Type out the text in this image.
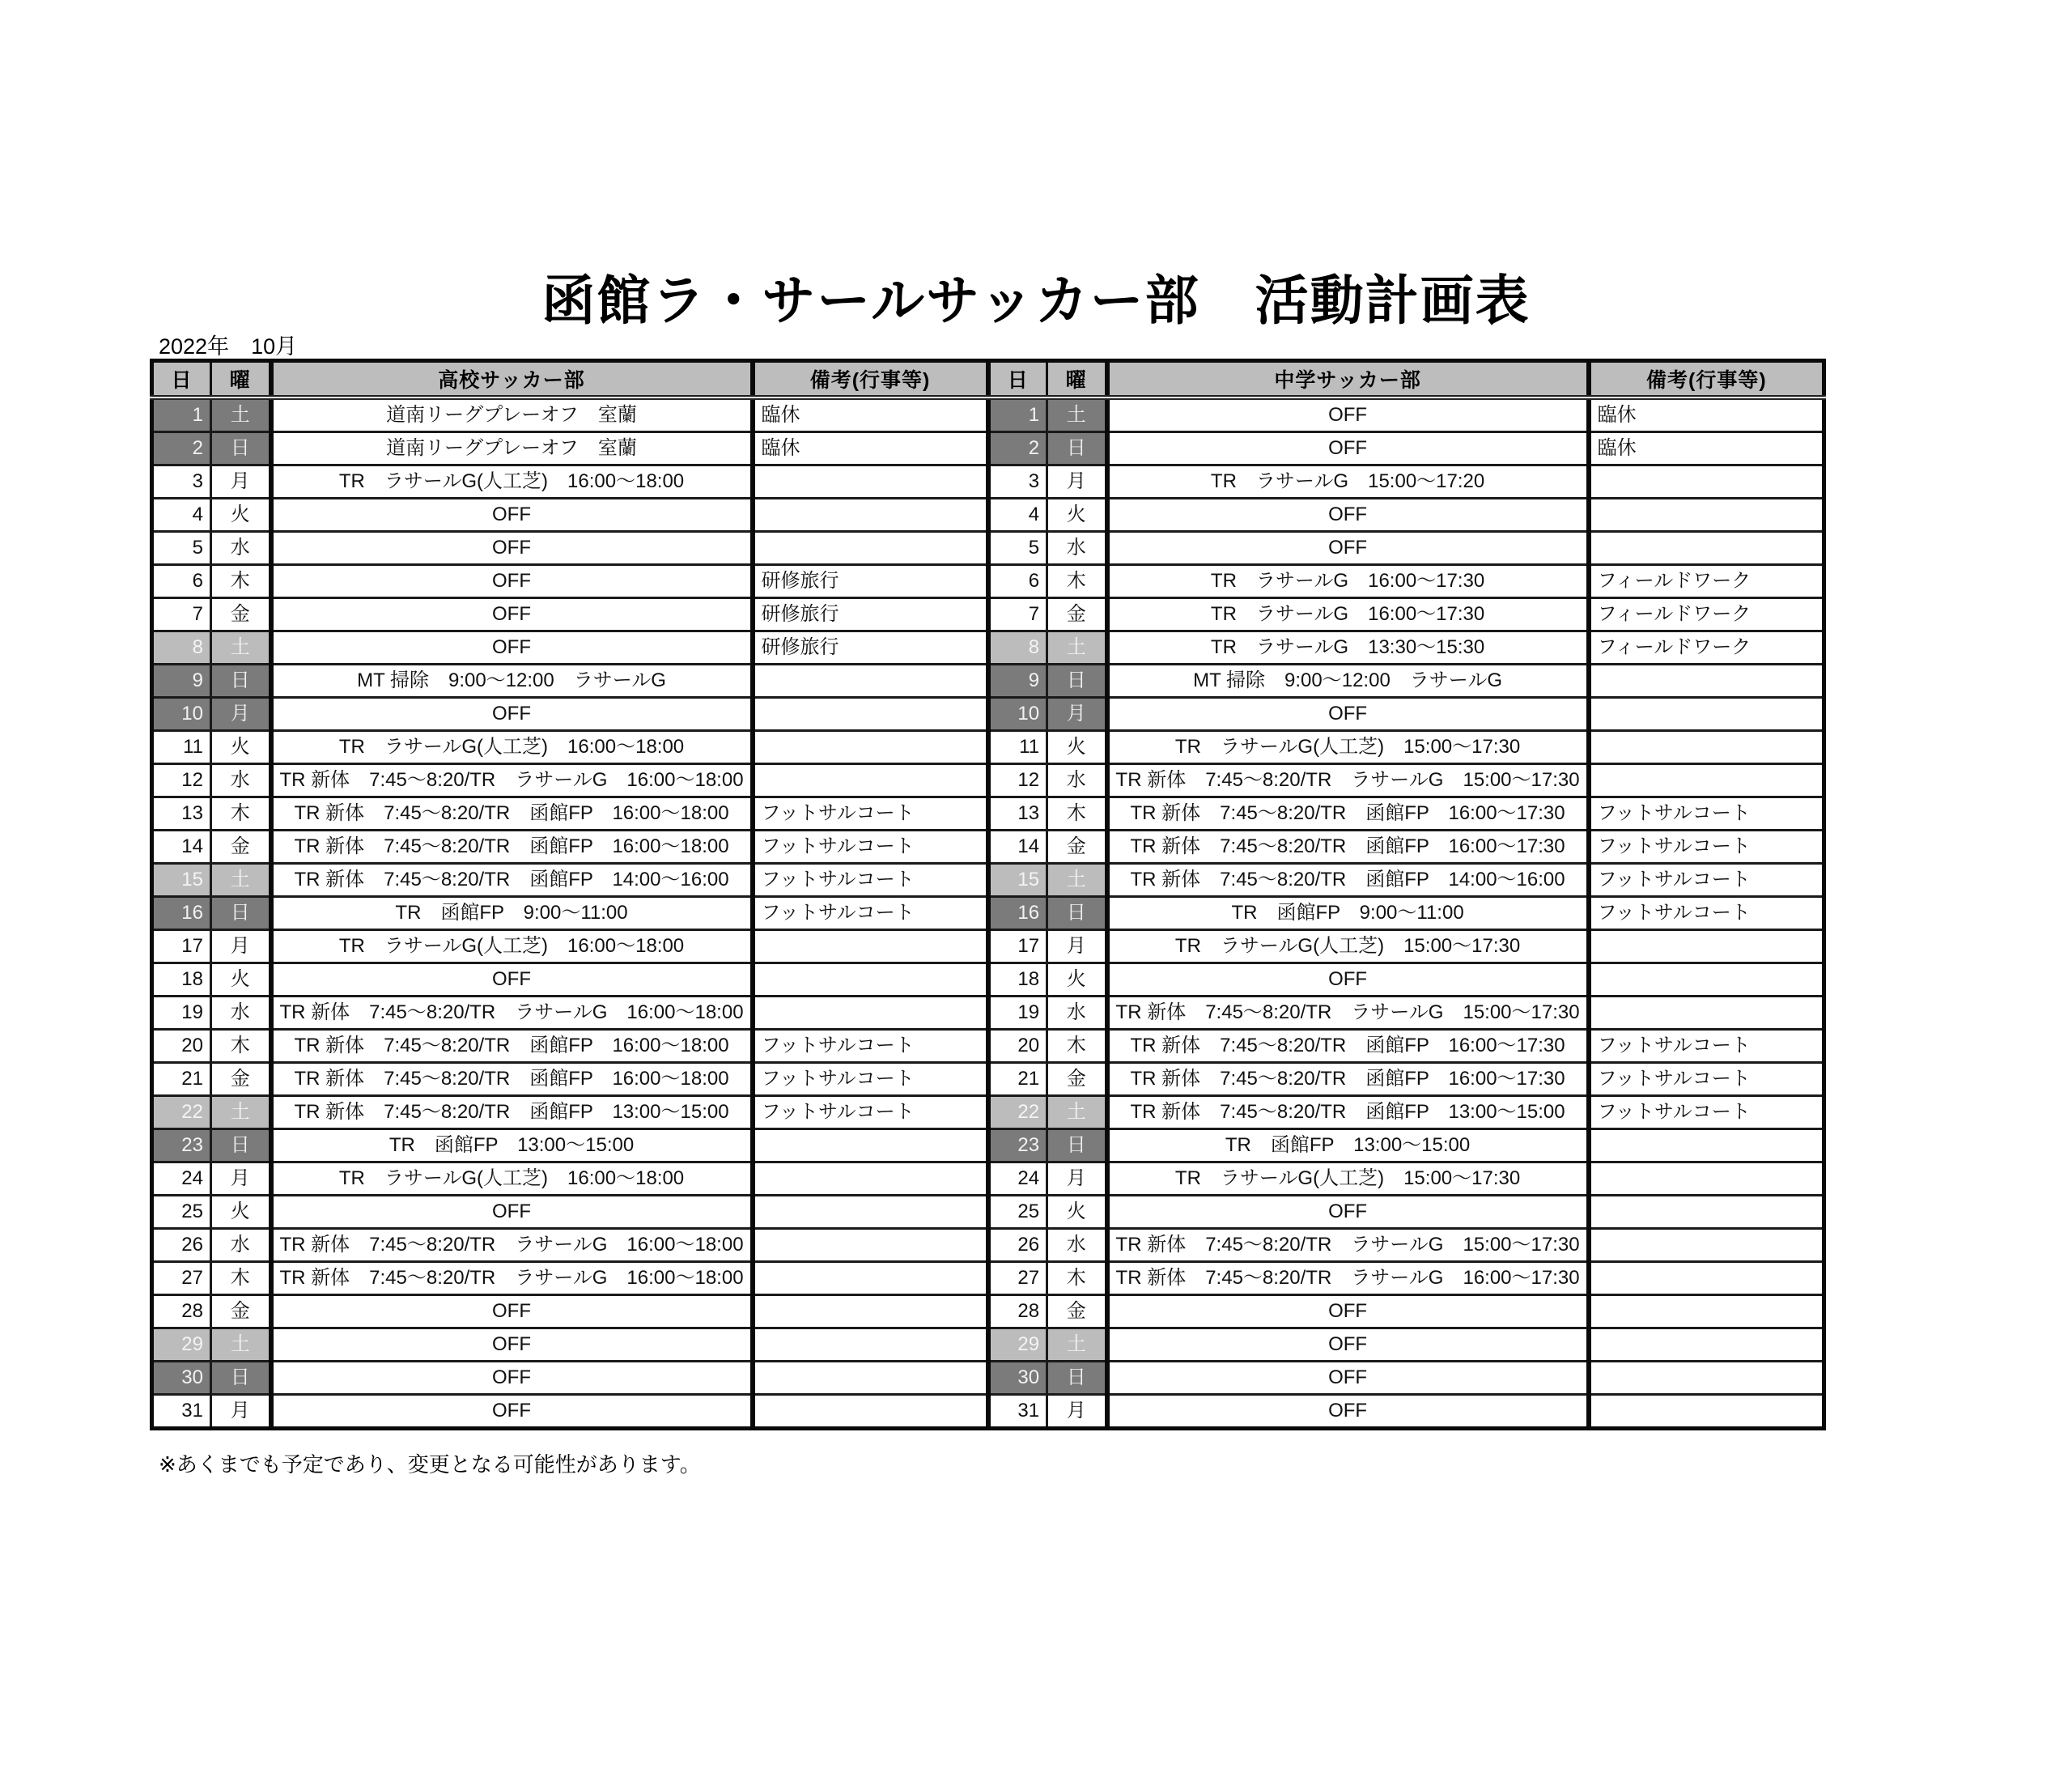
函館ラ・サールサッカー部　活動計画表
2022年　10月
日	曜	高校サッカー部	備考(行事等)	日	曜	中学サッカー部	備考(行事等)
1	土	道南リーグプレーオフ　室蘭	臨休	1	土	OFF	臨休
2	日	道南リーグプレーオフ　室蘭	臨休	2	日	OFF	臨休
3	月	TR　ラサールG(人工芝)　16:00～18:00		3	月	TR　ラサールG　15:00～17:20	
4	火	OFF		4	火	OFF	
5	水	OFF		5	水	OFF	
6	木	OFF	研修旅行	6	木	TR　ラサールG　16:00～17:30	フィールドワーク
7	金	OFF	研修旅行	7	金	TR　ラサールG　16:00～17:30	フィールドワーク
8	土	OFF	研修旅行	8	土	TR　ラサールG　13:30～15:30	フィールドワーク
9	日	MT 掃除　9:00～12:00　ラサールG		9	日	MT 掃除　9:00～12:00　ラサールG	
10	月	OFF		10	月	OFF	
11	火	TR　ラサールG(人工芝)　16:00～18:00		11	火	TR　ラサールG(人工芝)　15:00～17:30	
12	水	TR 新体　7:45～8:20/TR　ラサールG　16:00～18:00		12	水	TR 新体　7:45～8:20/TR　ラサールG　15:00～17:30	
13	木	TR 新体　7:45～8:20/TR　函館FP　16:00～18:00	フットサルコート	13	木	TR 新体　7:45～8:20/TR　函館FP　16:00～17:30	フットサルコート
14	金	TR 新体　7:45～8:20/TR　函館FP　16:00～18:00	フットサルコート	14	金	TR 新体　7:45～8:20/TR　函館FP　16:00～17:30	フットサルコート
15	土	TR 新体　7:45～8:20/TR　函館FP　14:00～16:00	フットサルコート	15	土	TR 新体　7:45～8:20/TR　函館FP　14:00～16:00	フットサルコート
16	日	TR　函館FP　9:00～11:00	フットサルコート	16	日	TR　函館FP　9:00～11:00	フットサルコート
17	月	TR　ラサールG(人工芝)　16:00～18:00		17	月	TR　ラサールG(人工芝)　15:00～17:30	
18	火	OFF		18	火	OFF	
19	水	TR 新体　7:45～8:20/TR　ラサールG　16:00～18:00		19	水	TR 新体　7:45～8:20/TR　ラサールG　15:00～17:30	
20	木	TR 新体　7:45～8:20/TR　函館FP　16:00～18:00	フットサルコート	20	木	TR 新体　7:45～8:20/TR　函館FP　16:00～17:30	フットサルコート
21	金	TR 新体　7:45～8:20/TR　函館FP　16:00～18:00	フットサルコート	21	金	TR 新体　7:45～8:20/TR　函館FP　16:00～17:30	フットサルコート
22	土	TR 新体　7:45～8:20/TR　函館FP　13:00～15:00	フットサルコート	22	土	TR 新体　7:45～8:20/TR　函館FP　13:00～15:00	フットサルコート
23	日	TR　函館FP　13:00～15:00		23	日	TR　函館FP　13:00～15:00	
24	月	TR　ラサールG(人工芝)　16:00～18:00		24	月	TR　ラサールG(人工芝)　15:00～17:30	
25	火	OFF		25	火	OFF	
26	水	TR 新体　7:45～8:20/TR　ラサールG　16:00～18:00		26	水	TR 新体　7:45～8:20/TR　ラサールG　15:00～17:30	
27	木	TR 新体　7:45～8:20/TR　ラサールG　16:00～18:00		27	木	TR 新体　7:45～8:20/TR　ラサールG　16:00～17:30	
28	金	OFF		28	金	OFF	
29	土	OFF		29	土	OFF	
30	日	OFF		30	日	OFF	
31	月	OFF		31	月	OFF	
※あくまでも予定であり、変更となる可能性があります。
